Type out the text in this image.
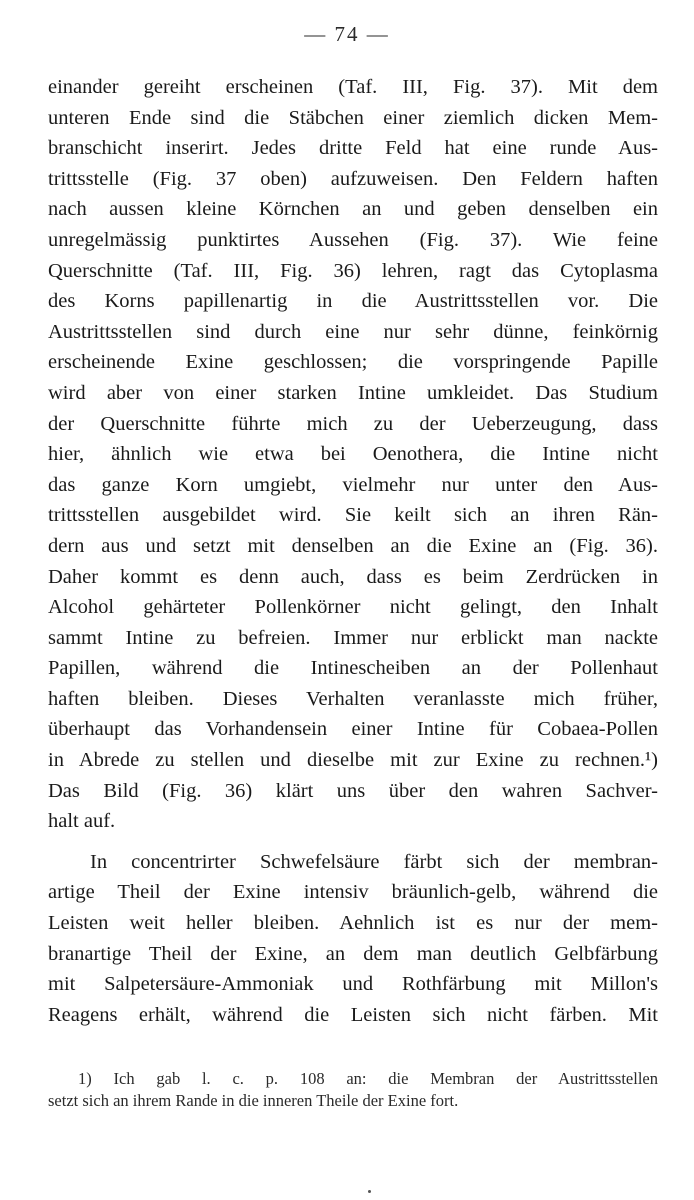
— 74 —
einander gereiht erscheinen (Taf. III, Fig. 37). Mit dem
unteren Ende sind die Stäbchen einer ziemlich dicken Mem-
branschicht inserirt. Jedes dritte Feld hat eine runde Aus-
trittsstelle (Fig. 37 oben) aufzuweisen. Den Feldern haften
nach aussen kleine Körnchen an und geben denselben ein
unregelmässig punktirtes Aussehen (Fig. 37). Wie feine
Querschnitte (Taf. III, Fig. 36) lehren, ragt das Cytoplasma
des Korns papillenartig in die Austrittsstellen vor. Die
Austrittsstellen sind durch eine nur sehr dünne, feinkörnig
erscheinende Exine geschlossen; die vorspringende Papille
wird aber von einer starken Intine umkleidet. Das Studium
der Querschnitte führte mich zu der Ueberzeugung, dass
hier, ähnlich wie etwa bei Oenothera, die Intine nicht
das ganze Korn umgiebt, vielmehr nur unter den Aus-
trittsstellen ausgebildet wird. Sie keilt sich an ihren Rän-
dern aus und setzt mit denselben an die Exine an (Fig. 36).
Daher kommt es denn auch, dass es beim Zerdrücken in
Alcohol gehärteter Pollenkörner nicht gelingt, den Inhalt
sammt Intine zu befreien. Immer nur erblickt man nackte
Papillen, während die Intinescheiben an der Pollenhaut
haften bleiben. Dieses Verhalten veranlasste mich früher,
überhaupt das Vorhandensein einer Intine für Cobaea-Pollen
in Abrede zu stellen und dieselbe mit zur Exine zu rechnen.¹)
Das Bild (Fig. 36) klärt uns über den wahren Sachver-
halt auf.
In concentrirter Schwefelsäure färbt sich der membran-
artige Theil der Exine intensiv bräunlich-gelb, während die
Leisten weit heller bleiben. Aehnlich ist es nur der mem-
branartige Theil der Exine, an dem man deutlich Gelbfärbung
mit Salpetersäure-Ammoniak und Rothfärbung mit Millon's
Reagens erhält, während die Leisten sich nicht färben. Mit
1) Ich gab l. c. p. 108 an: die Membran der Austrittsstellen
setzt sich an ihrem Rande in die inneren Theile der Exine fort.
